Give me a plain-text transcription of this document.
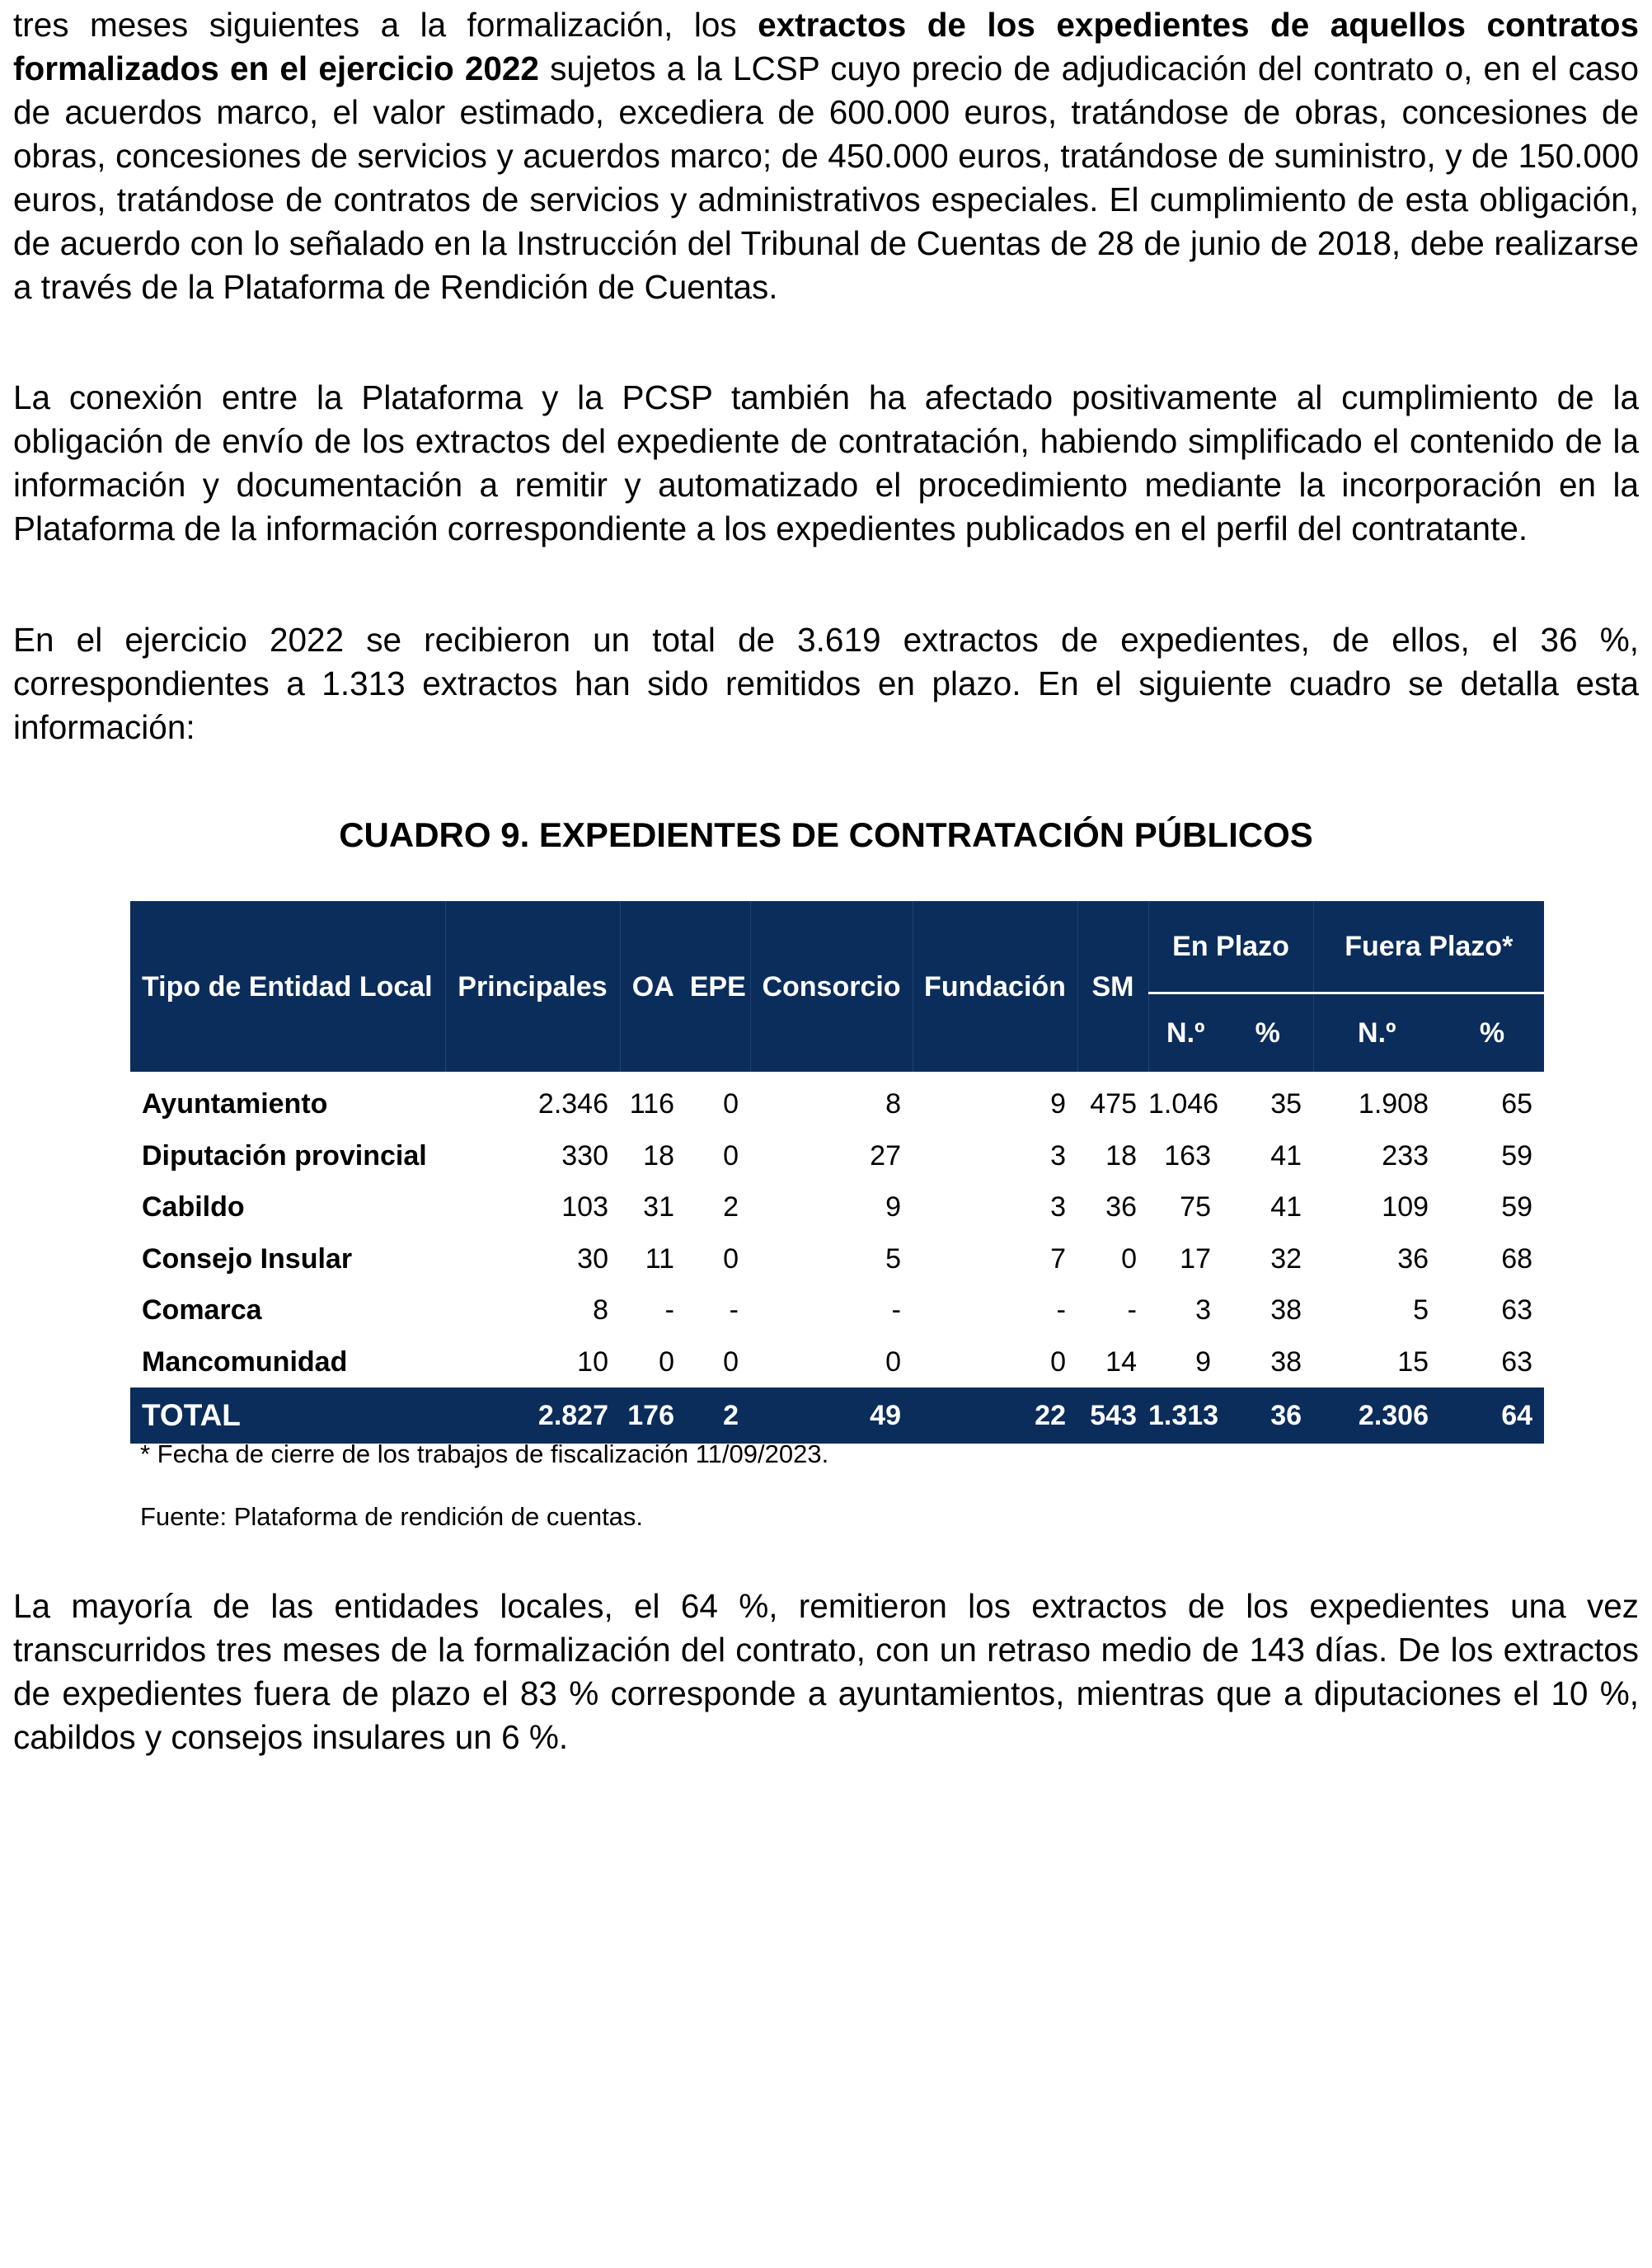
tres meses siguientes a la formalización, los extractos de los expedientes de aquellos contratos formalizados en el ejercicio 2022 sujetos a la LCSP cuyo precio de adjudicación del contrato o, en el caso de acuerdos marco, el valor estimado, excediera de 600.000 euros, tratándose de obras, concesiones de obras, concesiones de servicios y acuerdos marco; de 450.000 euros, tratándose de suministro, y de 150.000 euros, tratándose de contratos de servicios y administrativos especiales. El cumplimiento de esta obligación, de acuerdo con lo señalado en la Instrucción del Tribunal de Cuentas de 28 de junio de 2018, debe realizarse a través de la Plataforma de Rendición de Cuentas.

La conexión entre la Plataforma y la PCSP también ha afectado positivamente al cumplimiento de la obligación de envío de los extractos del expediente de contratación, habiendo simplificado el contenido de la información y documentación a remitir y automatizado el procedimiento mediante la incorporación en la Plataforma de la información correspondiente a los expedientes publicados en el perfil del contratante.

En el ejercicio 2022 se recibieron un total de 3.619 extractos de expedientes, de ellos, el 36 %, correspondientes a 1.313 extractos han sido remitidos en plazo. En el siguiente cuadro se detalla esta información:

CUADRO 9. EXPEDIENTES DE CONTRATACIÓN PÚBLICOS
Tipo de Entidad Local	Principales	OA	EPE	Consorcio	Fundación	SM	En Plazo		Fuera Plazo*	
							N.º	%	N.º	%
Ayuntamiento	2.346	116	0	8	9	475	1.046	35	1.908	65
Diputación provincial	330	18	0	27	3	18	163	41	233	59
Cabildo	103	31	2	9	3	36	75	41	109	59
Consejo Insular	30	11	0	5	7	0	17	32	36	68
Comarca	8	-	-	-	-	-	3	38	5	63
Mancomunidad	10	0	0	0	0	14	9	38	15	63
TOTAL	2.827	176	2	49	22	543	1.313	36	2.306	64
* Fecha de cierre de los trabajos de fiscalización 11/09/2023.
Fuente: Plataforma de rendición de cuentas.

La mayoría de las entidades locales, el 64 %, remitieron los extractos de los expedientes una vez transcurridos tres meses de la formalización del contrato, con un retraso medio de 143 días. De los extractos de expedientes fuera de plazo el 83 % corresponde a ayuntamientos, mientras que a diputaciones el 10 %, cabildos y consejos insulares un 6 %.
